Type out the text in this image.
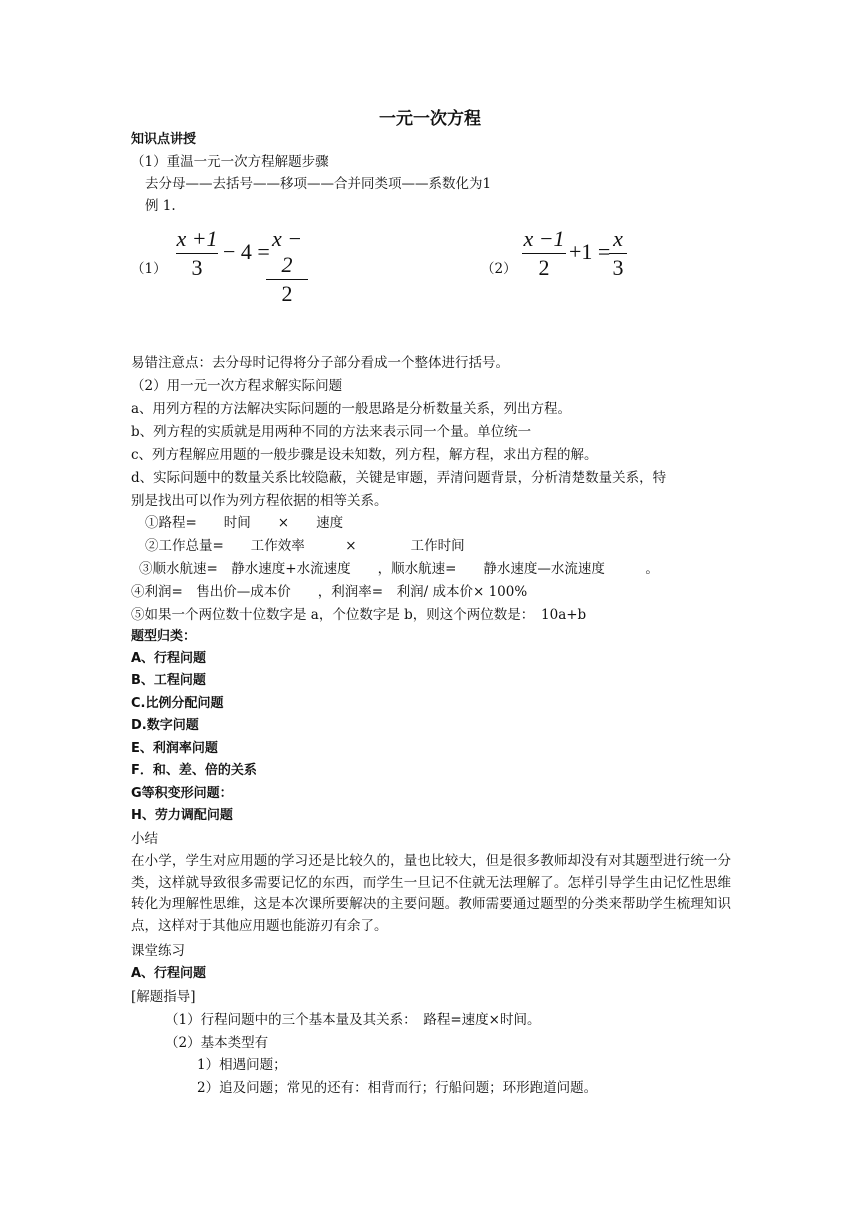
一元一次方程
知识点讲授
（1）重温一元一次方程解题步骤
去分母——去括号——移项——合并同类项——系数化为1
例 1.
（1）
x +1
3
− 4 =
x − 2
2
（2）
x −1
2
+1 =
x
3
易错注意点：去分母时记得将分子部分看成一个整体进行括号。
（2）用一元一次方程求解实际问题
a、用列方程的方法解决实际问题的一般思路是分析数量关系，列出方程。
b、列方程的实质就是用两种不同的方法来表示同一个量。单位统一
c、列方程解应用题的一般步骤是设未知数，列方程，解方程，求出方程的解。
d、实际问题中的数量关系比较隐蔽，关键是审题，弄清问题背景，分析清楚数量关系，特
别是找出可以作为列方程依据的相等关系。
①路程=　　时间　　×　　速度
②工作总量=　　工作效率　　　×　　　　工作时间
③顺水航速=　静水速度+水流速度　　，顺水航速=　　静水速度—水流速度　　　。
④利润=　售出价—成本价　　，利润率=　利润/ 成本价× 100%
⑤如果一个两位数十位数字是 a，个位数字是 b，则这个两位数是：　10a+b
题型归类：
A、行程问题
B、工程问题
C.比例分配问题
D.数字问题
E、利润率问题
F．和、差、倍的关系
G等积变形问题：
H、劳力调配问题
小结
在小学，学生对应用题的学习还是比较久的，量也比较大，但是很多教师却没有对其题型进行统一分类，这样就导致很多需要记忆的东西，而学生一旦记不住就无法理解了。怎样引导学生由记忆性思维转化为理解性思维，这是本次课所要解决的主要问题。教师需要通过题型的分类来帮助学生梳理知识点，这样对于其他应用题也能游刃有余了。
课堂练习
A、行程问题
[解题指导]
（1）行程问题中的三个基本量及其关系：　路程=速度×时间。
（2）基本类型有
1）相遇问题；
2）追及问题；常见的还有：相背而行；行船问题；环形跑道问题。
